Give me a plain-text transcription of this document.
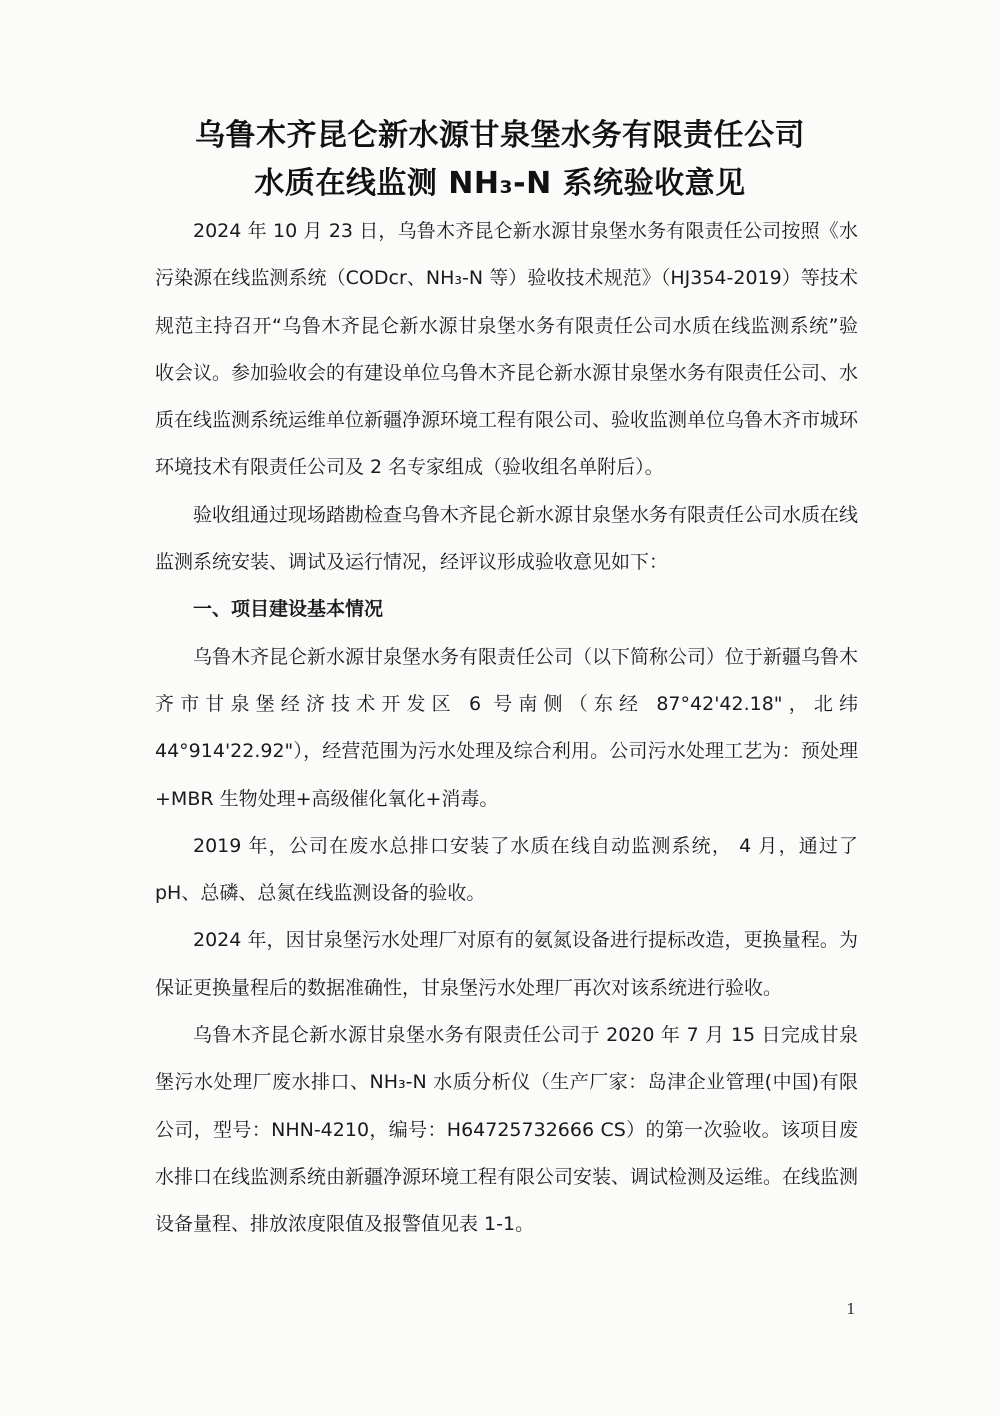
乌鲁木齐昆仑新水源甘泉堡水务有限责任公司
水质在线监测 NH₃-N 系统验收意见

2024 年 10 月 23 日，乌鲁木齐昆仑新水源甘泉堡水务有限责任公司按照《水污染源在线监测系统（CODcr、NH₃-N 等）验收技术规范》（HJ354-2019）等技术规范主持召开“乌鲁木齐昆仑新水源甘泉堡水务有限责任公司水质在线监测系统”验收会议。参加验收会的有建设单位乌鲁木齐昆仑新水源甘泉堡水务有限责任公司、水质在线监测系统运维单位新疆净源环境工程有限公司、验收监测单位乌鲁木齐市城环环境技术有限责任公司及 2 名专家组成（验收组名单附后）。

验收组通过现场踏勘检查乌鲁木齐昆仑新水源甘泉堡水务有限责任公司水质在线监测系统安装、调试及运行情况，经评议形成验收意见如下：

一、项目建设基本情况

乌鲁木齐昆仑新水源甘泉堡水务有限责任公司（以下简称公司）位于新疆乌鲁木齐市甘泉堡经济技术开发区 6 号南侧（东经 87°42'42.18"，北纬 44°914'22.92"），经营范围为污水处理及综合利用。公司污水处理工艺为：预处理+MBR 生物处理+高级催化氧化+消毒。

2019 年，公司在废水总排口安装了水质在线自动监测系统， 4 月，通过了 pH、总磷、总氮在线监测设备的验收。

2024 年，因甘泉堡污水处理厂对原有的氨氮设备进行提标改造，更换量程。为保证更换量程后的数据准确性，甘泉堡污水处理厂再次对该系统进行验收。

乌鲁木齐昆仑新水源甘泉堡水务有限责任公司于 2020 年 7 月 15 日完成甘泉堡污水处理厂废水排口、NH₃-N 水质分析仪（生产厂家：岛津企业管理(中国)有限公司，型号：NHN-4210，编号：H64725732666 CS）的第一次验收。该项目废水排口在线监测系统由新疆净源环境工程有限公司安装、调试检测及运维。在线监测设备量程、排放浓度限值及报警值见表 1-1。

1
